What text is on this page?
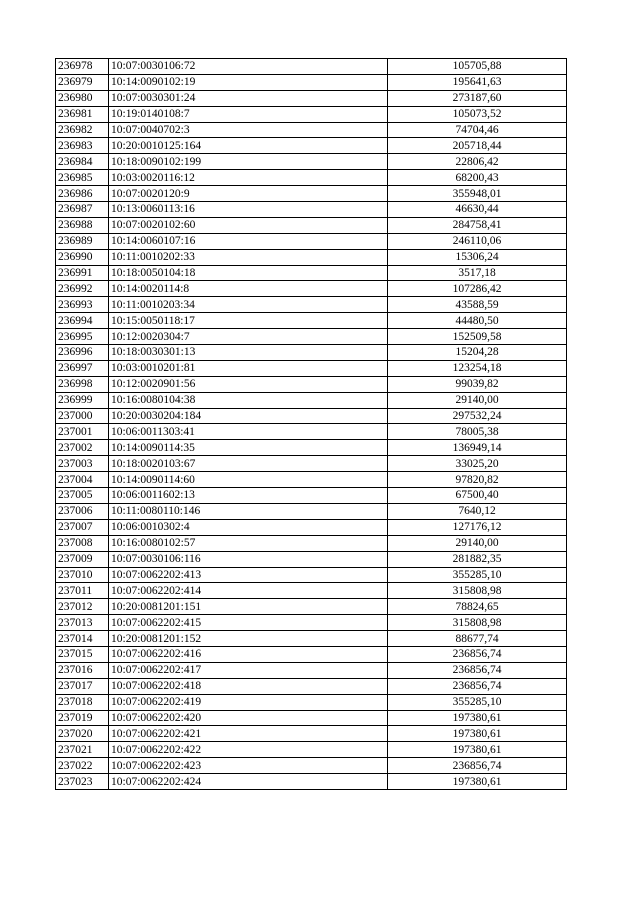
236978	10:07:0030106:72	105705,88
236979	10:14:0090102:19	195641,63
236980	10:07:0030301:24	273187,60
236981	10:19:0140108:7	105073,52
236982	10:07:0040702:3	74704,46
236983	10:20:0010125:164	205718,44
236984	10:18:0090102:199	22806,42
236985	10:03:0020116:12	68200,43
236986	10:07:0020120:9	355948,01
236987	10:13:0060113:16	46630,44
236988	10:07:0020102:60	284758,41
236989	10:14:0060107:16	246110,06
236990	10:11:0010202:33	15306,24
236991	10:18:0050104:18	3517,18
236992	10:14:0020114:8	107286,42
236993	10:11:0010203:34	43588,59
236994	10:15:0050118:17	44480,50
236995	10:12:0020304:7	152509,58
236996	10:18:0030301:13	15204,28
236997	10:03:0010201:81	123254,18
236998	10:12:0020901:56	99039,82
236999	10:16:0080104:38	29140,00
237000	10:20:0030204:184	297532,24
237001	10:06:0011303:41	78005,38
237002	10:14:0090114:35	136949,14
237003	10:18:0020103:67	33025,20
237004	10:14:0090114:60	97820,82
237005	10:06:0011602:13	67500,40
237006	10:11:0080110:146	7640,12
237007	10:06:0010302:4	127176,12
237008	10:16:0080102:57	29140,00
237009	10:07:0030106:116	281882,35
237010	10:07:0062202:413	355285,10
237011	10:07:0062202:414	315808,98
237012	10:20:0081201:151	78824,65
237013	10:07:0062202:415	315808,98
237014	10:20:0081201:152	88677,74
237015	10:07:0062202:416	236856,74
237016	10:07:0062202:417	236856,74
237017	10:07:0062202:418	236856,74
237018	10:07:0062202:419	355285,10
237019	10:07:0062202:420	197380,61
237020	10:07:0062202:421	197380,61
237021	10:07:0062202:422	197380,61
237022	10:07:0062202:423	236856,74
237023	10:07:0062202:424	197380,61
